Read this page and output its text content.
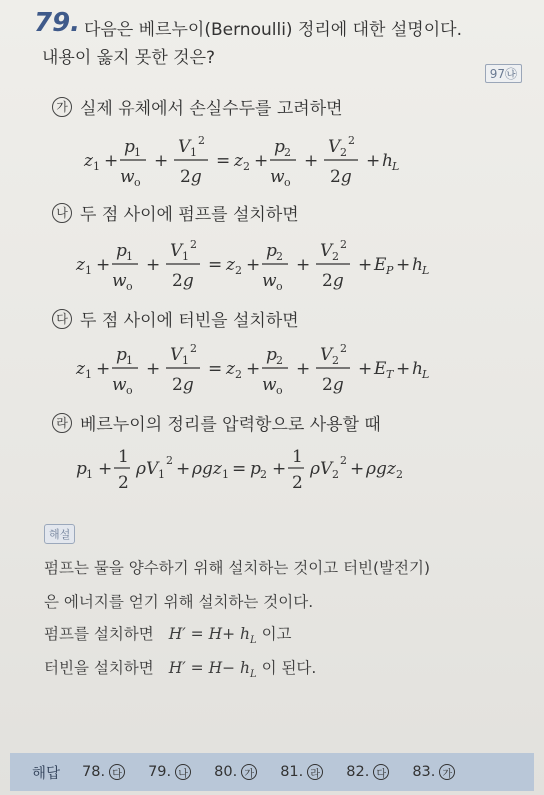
79. 다음은 베르누이(Bernoulli) 정리에 대한 설명이다.
내용이 옳지 못한 것은?
97㉯
가 실제 유체에서 손실수두를 고려하면
z 1 +
p 1
w o
+
V 1
2
2g
= z 2 +
p 2
w o
+
V 2
2
2g
+ h L
나 두 점 사이에 펌프를 설치하면
z 1 +
p 1
w o
+
V 1
2
2g
= z 2 +
p 2
w o
+
V 2
2
2g
+ E P + h L
다 두 점 사이에 터빈을 설치하면
z 1 +
p 1
w o
+
V 1
2
2g
= z 2 +
p 2
w o
+
V 2
2
2g
+ E T + h L
라 베르누이의 정리를 압력항으로 사용할 때
p 1 +
1
2
ρV 1
2 + ρgz 1 = p 2 +
1
2
ρV 2
2 + ρgz 2
해설
펌프는 물을 양수하기 위해 설치하는 것이고 터빈(발전기)
은 에너지를 얻기 위해 설치하는 것이다.
펌프를 설치하면 $H' = H+ h_L$ 이고
터빈을 설치하면 $H' = H- h_L$ 이 된다.
해답 78. 다 79. 나 80. 가 81. 라 82. 다 83. 가
